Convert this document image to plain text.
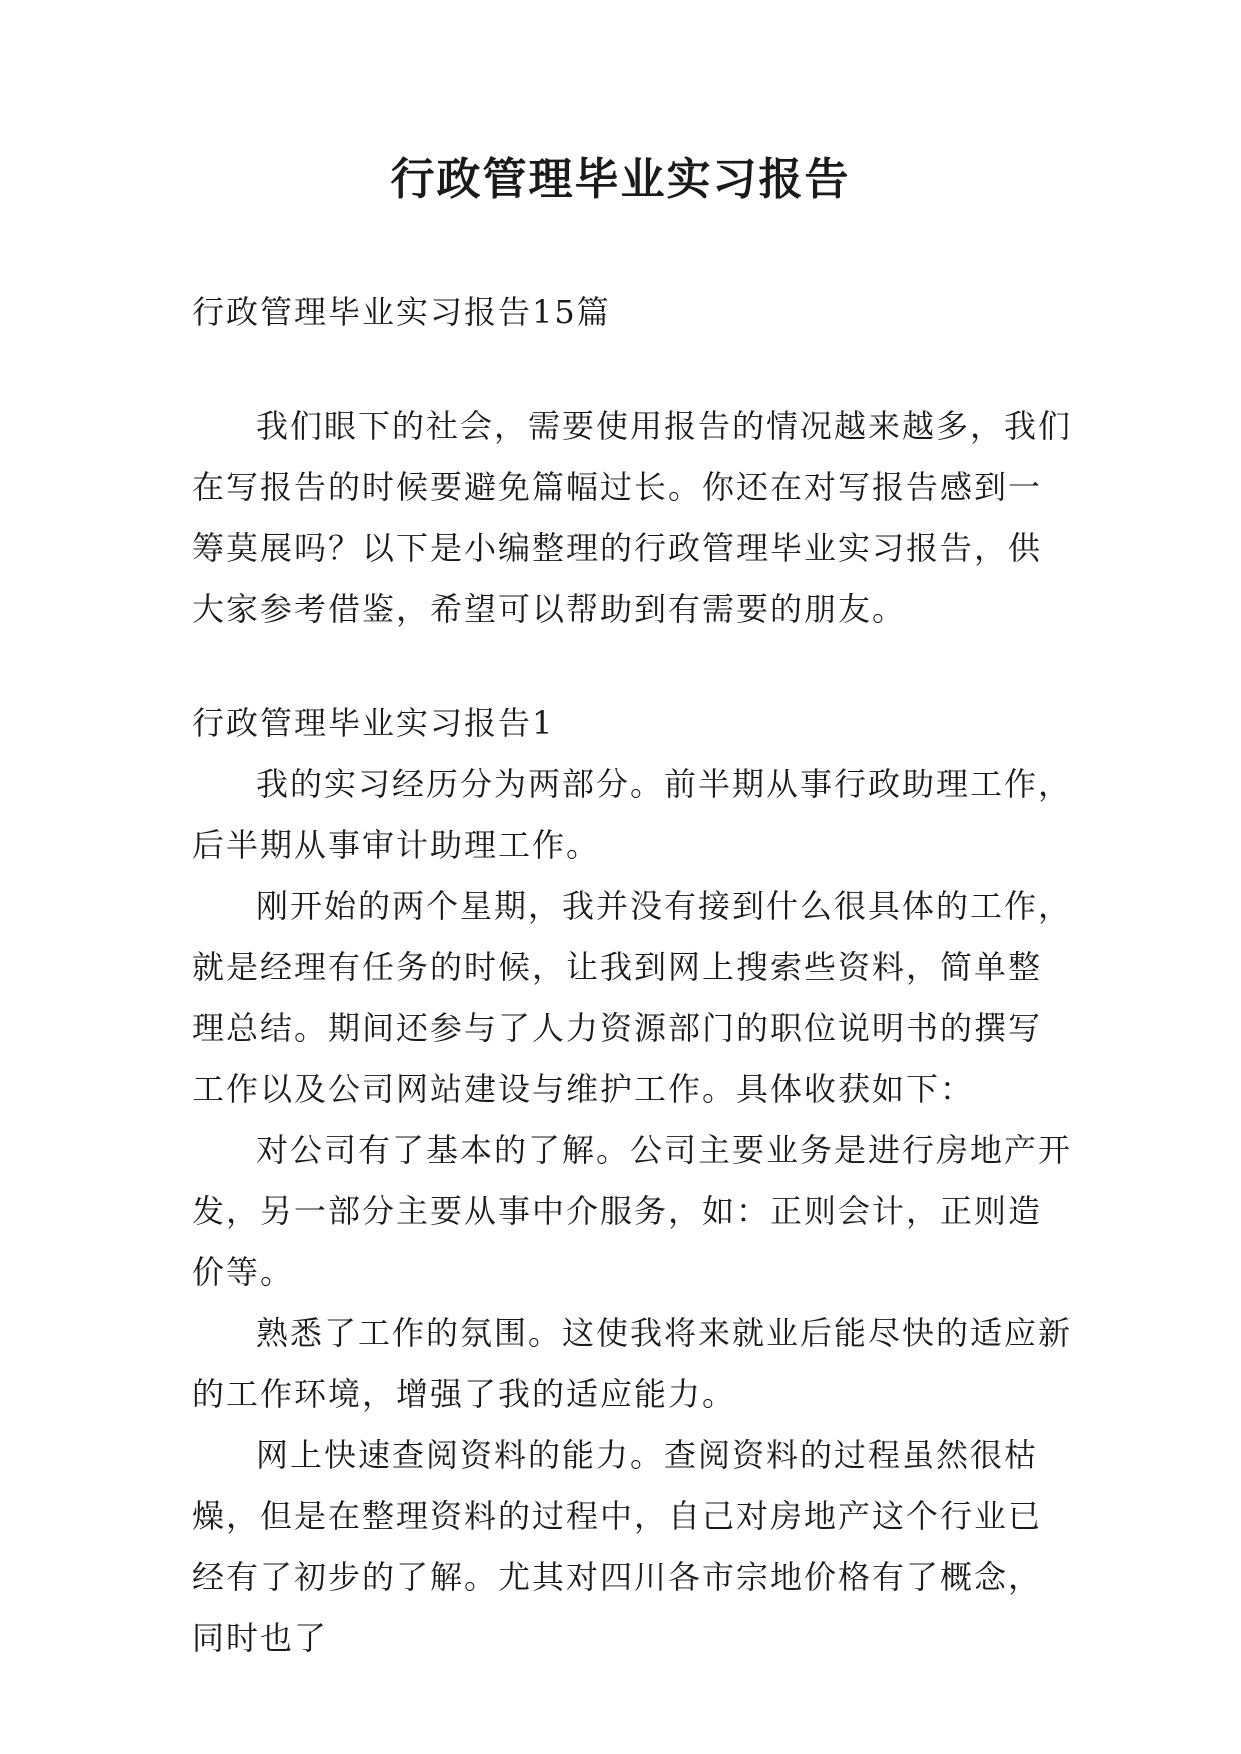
行政管理毕业实习报告

行政管理毕业实习报告15篇

我们眼下的社会，需要使用报告的情况越来越多，我们在写报告的时候要避免篇幅过长。你还在对写报告感到一筹莫展吗？以下是小编整理的行政管理毕业实习报告，供大家参考借鉴，希望可以帮助到有需要的朋友。

行政管理毕业实习报告1

我的实习经历分为两部分。前半期从事行政助理工作，后半期从事审计助理工作。

刚开始的两个星期，我并没有接到什么很具体的工作，就是经理有任务的时候，让我到网上搜索些资料，简单整理总结。期间还参与了人力资源部门的职位说明书的撰写工作以及公司网站建设与维护工作。具体收获如下：

对公司有了基本的了解。公司主要业务是进行房地产开发，另一部分主要从事中介服务，如：正则会计，正则造价等。

熟悉了工作的氛围。这使我将来就业后能尽快的适应新的工作环境，增强了我的适应能力。

网上快速查阅资料的能力。查阅资料的过程虽然很枯燥，但是在整理资料的过程中，自己对房地产这个行业已经有了初步的了解。尤其对四川各市宗地价格有了概念，同时也了
